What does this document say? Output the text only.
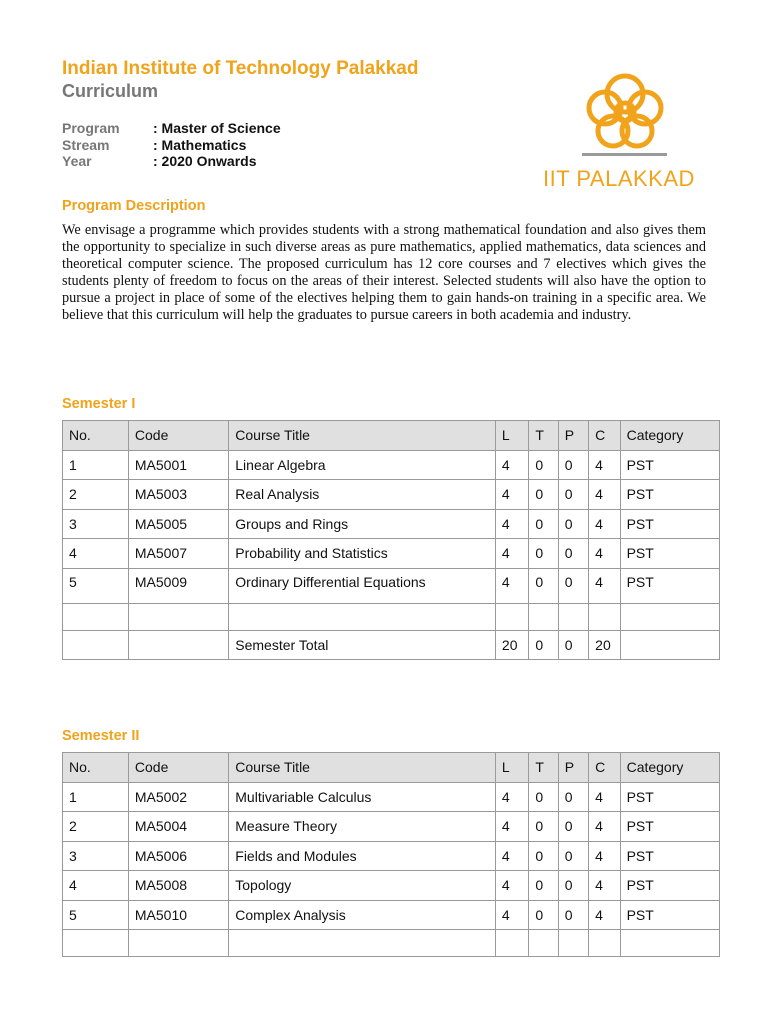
Indian Institute of Technology Palakkad
Curriculum
Program	: Master of Science
Stream	: Mathematics
Year	: 2020 Onwards
IIT PALAKKAD
Program Description
We envisage a programme which provides students with a strong mathematical foundation and also gives them the opportunity to specialize in such diverse areas as pure mathematics, applied mathematics, data sciences and theoretical computer science. The proposed curriculum has 12 core courses and 7 electives which gives the students plenty of freedom to focus on the areas of their interest. Selected students will also have the option to pursue a project in place of some of the electives helping them to gain hands-on training in a specific area. We believe that this curriculum will help the graduates to pursue careers in both academia and industry.
Semester I
No.	Code	Course Title	L	T	P	C	Category
1	MA5001	Linear Algebra	4	0	0	4	PST
2	MA5003	Real Analysis	4	0	0	4	PST
3	MA5005	Groups and Rings	4	0	0	4	PST
4	MA5007	Probability and Statistics	4	0	0	4	PST
5	MA5009	Ordinary Differential Equations	4	0	0	4	PST

		Semester Total	20	0	0	20	
Semester II
No.	Code	Course Title	L	T	P	C	Category
1	MA5002	Multivariable Calculus	4	0	0	4	PST
2	MA5004	Measure Theory	4	0	0	4	PST
3	MA5006	Fields and Modules	4	0	0	4	PST
4	MA5008	Topology	4	0	0	4	PST
5	MA5010	Complex Analysis	4	0	0	4	PST
